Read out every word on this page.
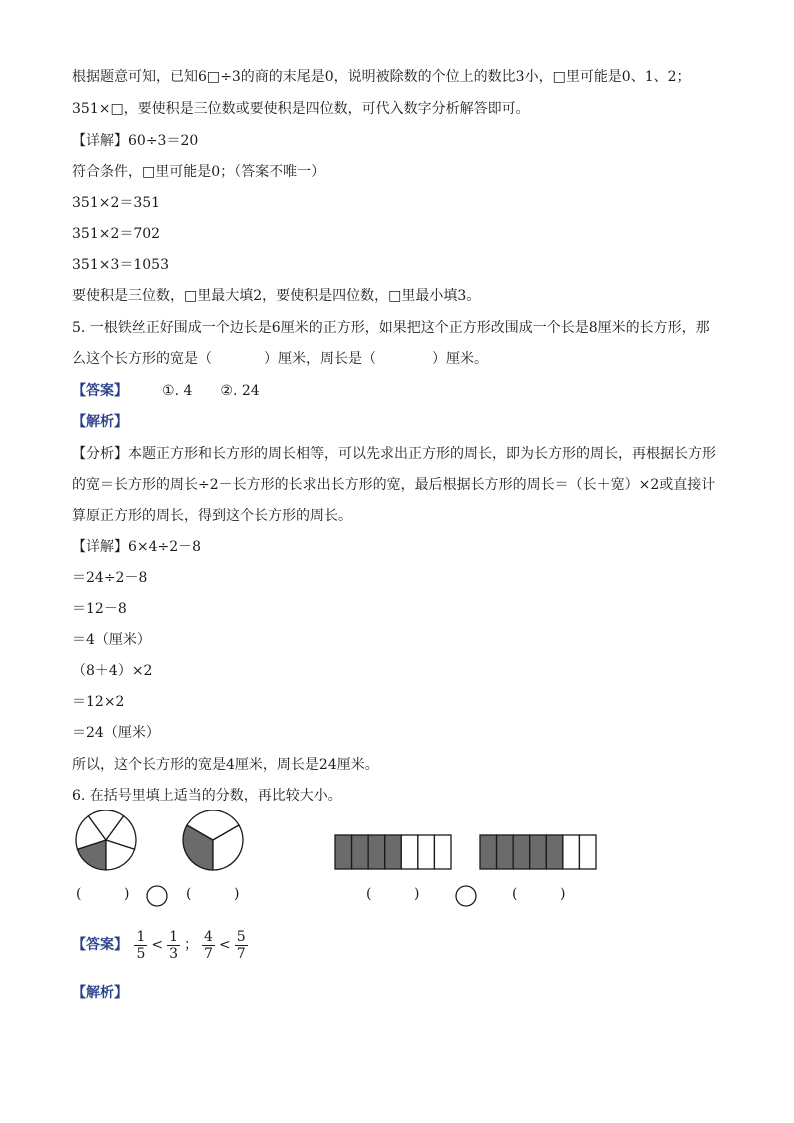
根据题意可知，已知6□÷3的商的末尾是0，说明被除数的个位上的数比3小，□里可能是0、1、2；
351×□，要使积是三位数或要使积是四位数，可代入数字分析解答即可。
【详解】60÷3＝20
符合条件，□里可能是0；（答案不唯一）
351×2＝351
351×2＝702
351×3＝1053
要使积是三位数，□里最大填2，要使积是四位数，□里最小填3。
5. 一根铁丝正好围成一个边长是6厘米的正方形，如果把这个正方形改围成一个长是8厘米的长方形，那
么这个长方形的宽是（	）厘米，周长是（	）厘米。
【答案】 ①. 4 ②. 24
【解析】
【分析】本题正方形和长方形的周长相等，可以先求出正方形的周长，即为长方形的周长，再根据长方形
的宽＝长方形的周长÷2－长方形的长求出长方形的宽，最后根据长方形的周长＝（长＋宽）×2或直接计
算原正方形的周长，得到这个长方形的周长。
【详解】6×4÷2－8
＝24÷2－8
＝12－8
＝4（厘米）
（8＋4）×2
＝12×2
＝24（厘米）
所以，这个长方形的宽是4厘米，周长是24厘米。
6. 在括号里填上适当的分数，再比较大小。
(	)	(	)	(	)	(	)
【答案】 $\frac{1}{5} < \frac{1}{3}$ ； $\frac{4}{7} < \frac{5}{7}$
【解析】
